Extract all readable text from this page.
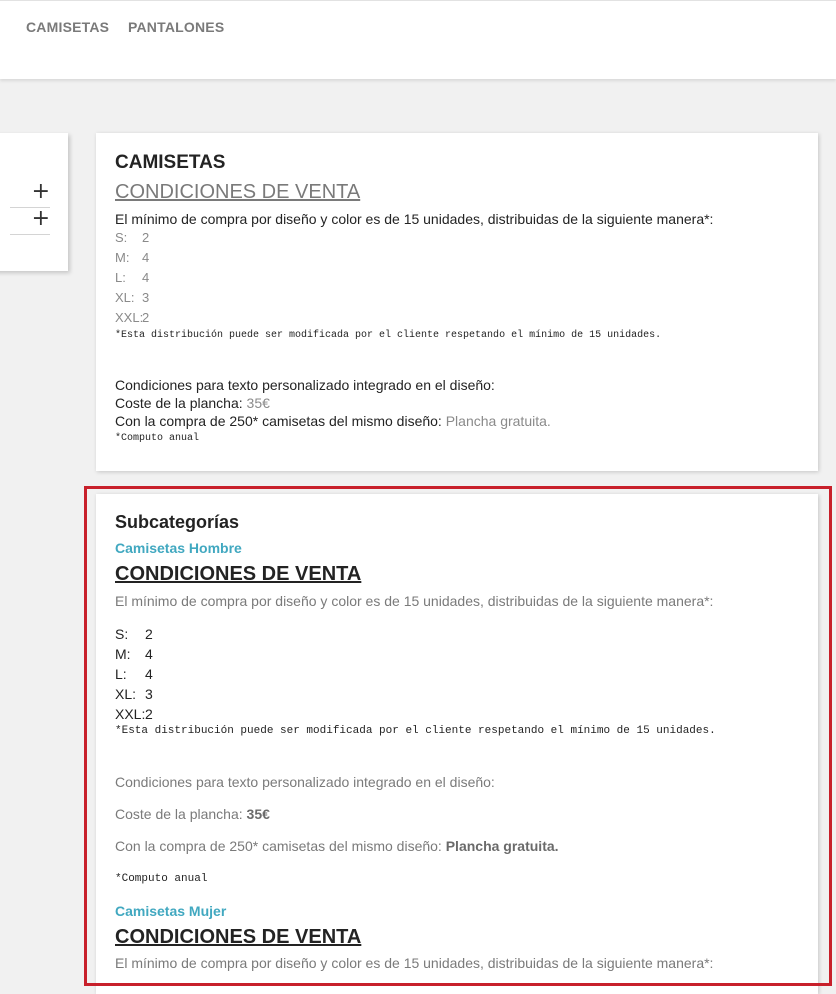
CAMISETAS PANTALONES
+
+
CAMISETAS
CONDICIONES DE VENTA
El mínimo de compra por diseño y color es de 15 unidades, distribuidas de la siguiente manera*:
S: 2
M: 4
L: 4
XL: 3
XXL:2
*Esta distribución puede ser modificada por el cliente respetando el mínimo de 15 unidades.
Condiciones para texto personalizado integrado en el diseño:
Coste de la plancha: 35€
Con la compra de 250* camisetas del mismo diseño: Plancha gratuita.
*Computo anual
Subcategorías
Camisetas Hombre
CONDICIONES DE VENTA
El mínimo de compra por diseño y color es de 15 unidades, distribuidas de la siguiente manera*:
S: 2
M: 4
L: 4
XL: 3
XXL:2
*Esta distribución puede ser modificada por el cliente respetando el mínimo de 15 unidades.
Condiciones para texto personalizado integrado en el diseño:
Coste de la plancha: 35€
Con la compra de 250* camisetas del mismo diseño: Plancha gratuita.
*Computo anual
Camisetas Mujer
CONDICIONES DE VENTA
El mínimo de compra por diseño y color es de 15 unidades, distribuidas de la siguiente manera*:
